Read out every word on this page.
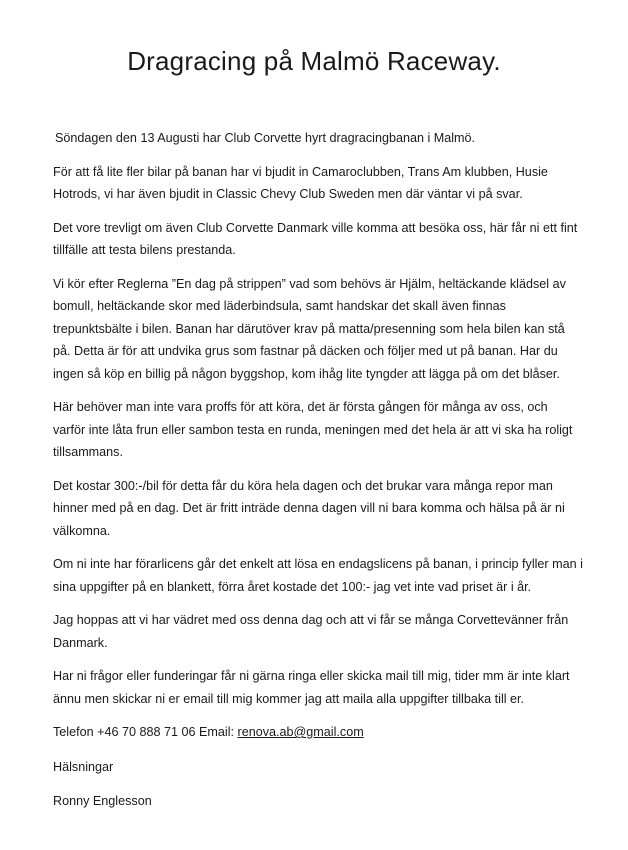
Dragracing på Malmö Raceway.

Söndagen den 13 Augusti har Club Corvette hyrt dragracingbanan i Malmö.

För att få lite fler bilar på banan har vi bjudit in Camaroclubben, Trans Am klubben, Husie Hotrods, vi har även bjudit in Classic Chevy Club Sweden men där väntar vi på svar.

Det vore trevligt om även Club Corvette Danmark ville komma att besöka oss, här får ni ett fint tillfälle att testa bilens prestanda.

Vi kör efter Reglerna ”En dag på strippen” vad som behövs är Hjälm, heltäckande klädsel av bomull, heltäckande skor med läderbindsula, samt handskar det skall även finnas trepunktsbälte i bilen. Banan har därutöver krav på matta/presenning som hela bilen kan stå på. Detta är för att undvika grus som fastnar på däcken och följer med ut på banan. Har du ingen så köp en billig på någon byggshop, kom ihåg lite tyngder att lägga på om det blåser.

Här behöver man inte vara proffs för att köra, det är första gången för många av oss, och varför inte låta frun eller sambon testa en runda, meningen med det hela är att vi ska ha roligt tillsammans.

Det kostar 300:-/bil för detta får du köra hela dagen och det brukar vara många repor man hinner med på en dag. Det är fritt inträde denna dagen vill ni bara komma och hälsa på är ni välkomna.

Om ni inte har förarlicens går det enkelt att lösa en endagslicens på banan, i princip fyller man i sina uppgifter på en blankett, förra året kostade det 100:- jag vet inte vad priset är i år.

Jag hoppas att vi har vädret med oss denna dag och att vi får se många Corvettevänner från Danmark.

Har ni frågor eller funderingar får ni gärna ringa eller skicka mail till mig, tider mm är inte klart ännu men skickar ni er email till mig kommer jag att maila alla uppgifter tillbaka till er.

Telefon +46 70 888 71 06 Email: renova.ab@gmail.com

Hälsningar

Ronny Englesson
